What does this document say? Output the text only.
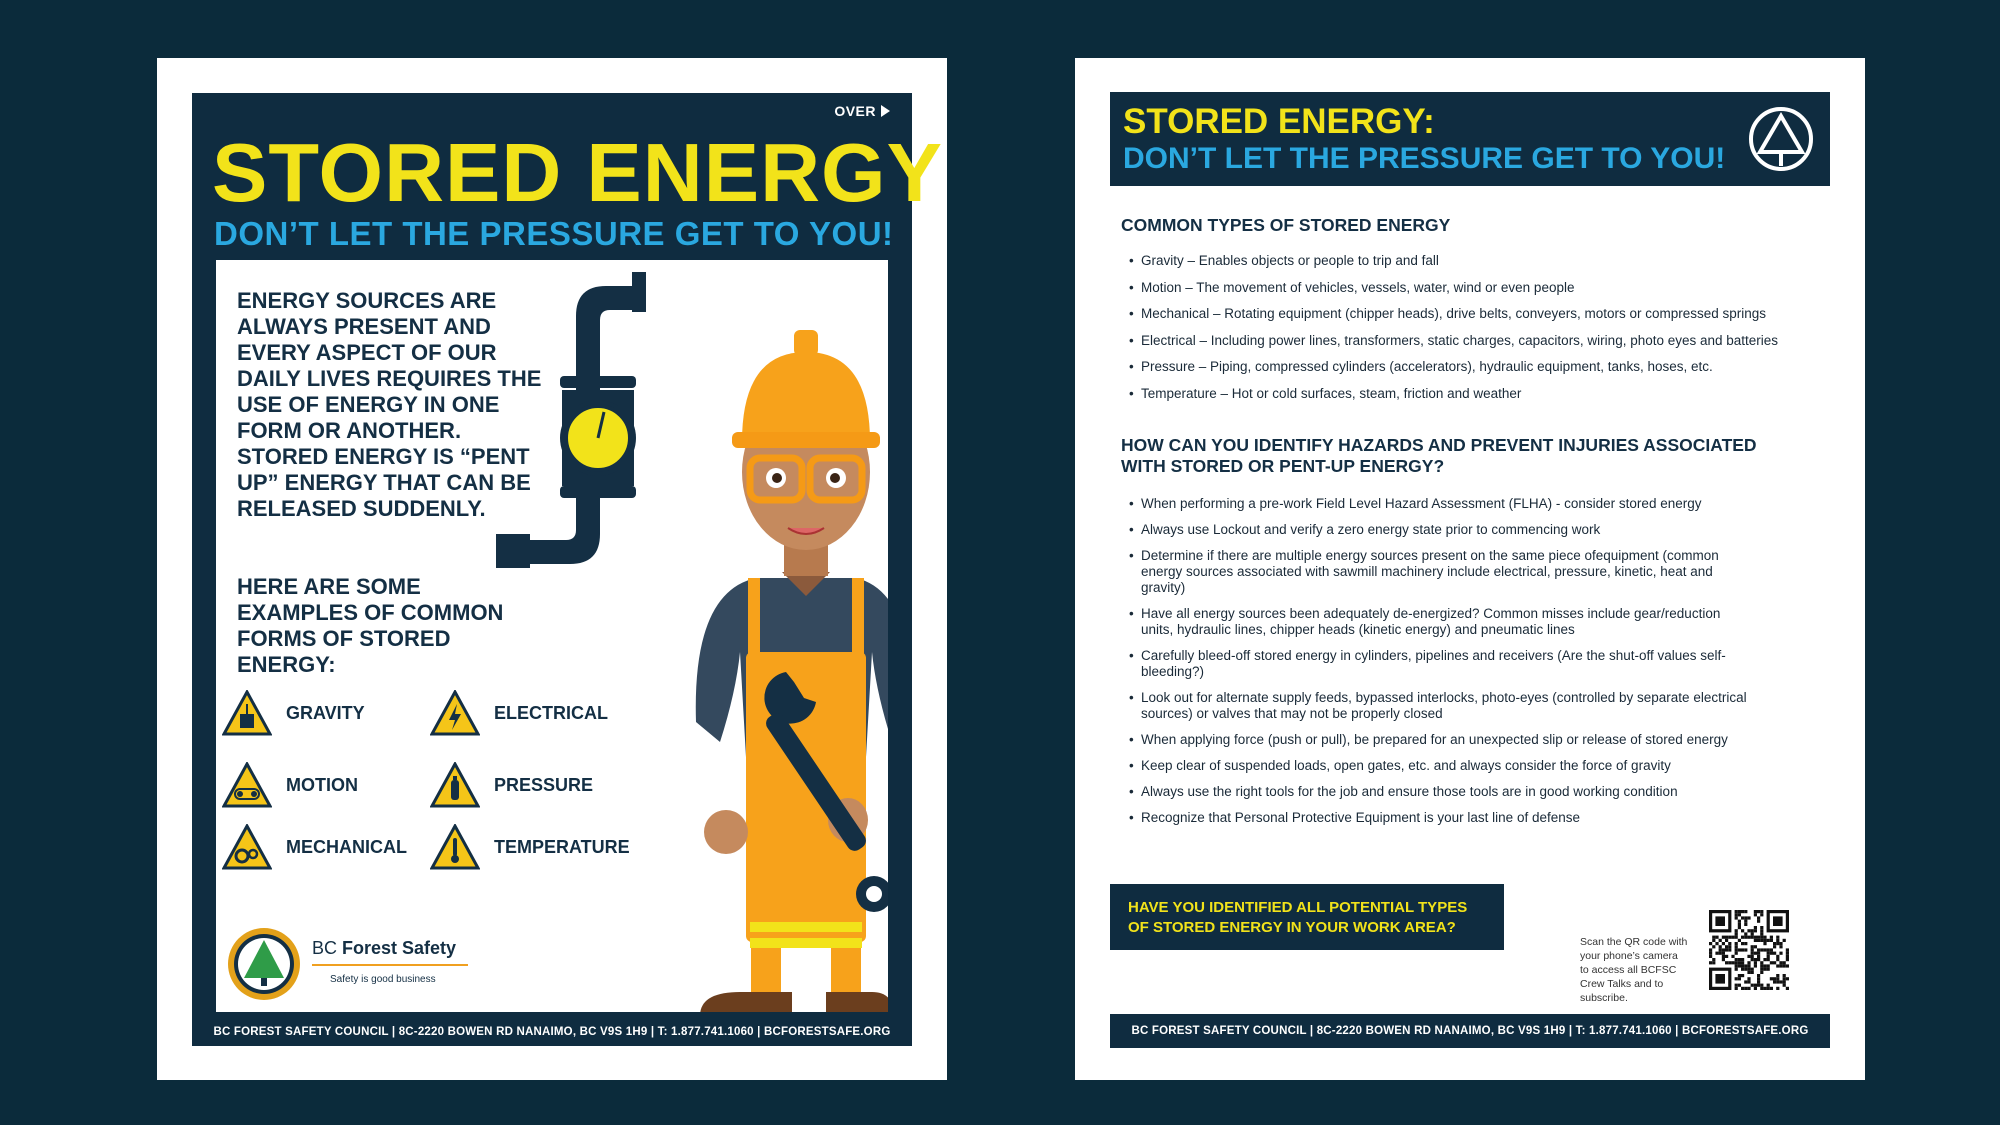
OVER
STORED ENERGY
DON’T LET THE PRESSURE GET TO YOU!

ENERGY SOURCES ARE ALWAYS PRESENT AND EVERY ASPECT OF OUR DAILY LIVES REQUIRES THE USE OF ENERGY IN ONE FORM OR ANOTHER. STORED ENERGY IS “PENT UP” ENERGY THAT CAN BE RELEASED SUDDENLY.

HERE ARE SOME EXAMPLES OF COMMON FORMS OF STORED ENERGY:

GRAVITY	ELECTRICAL
MOTION	PRESSURE
MECHANICAL	TEMPERATURE
BC Forest Safety
Safety is good business
BC FOREST SAFETY COUNCIL | 8C-2220 BOWEN RD NANAIMO, BC V9S 1H9 | T: 1.877.741.1060 | BCFORESTSAFE.ORG
STORED ENERGY:
DON’T LET THE PRESSURE GET TO YOU!

COMMON TYPES OF STORED ENERGY

• Gravity – Enables objects or people to trip and fall
• Motion – The movement of vehicles, vessels, water, wind or even people
• Mechanical – Rotating equipment (chipper heads), drive belts, conveyers, motors or compressed springs
• Electrical – Including power lines, transformers, static charges, capacitors, wiring, photo eyes and batteries
• Pressure – Piping, compressed cylinders (accelerators), hydraulic equipment, tanks, hoses, etc.
• Temperature – Hot or cold surfaces, steam, friction and weather

HOW CAN YOU IDENTIFY HAZARDS AND PREVENT INJURIES ASSOCIATED
WITH STORED OR PENT-UP ENERGY?

• When performing a pre-work Field Level Hazard Assessment (FLHA) - consider stored energy
• Always use Lockout and verify a zero energy state prior to commencing work
• Determine if there are multiple energy sources present on the same piece ofequipment (common energy sources associated with sawmill machinery include electrical, pressure, kinetic, heat and gravity)
• Have all energy sources been adequately de-energized? Common misses include gear/reduction units, hydraulic lines, chipper heads (kinetic energy) and pneumatic lines
• Carefully bleed-off stored energy in cylinders, pipelines and receivers (Are the shut-off values self-bleeding?)
• Look out for alternate supply feeds, bypassed interlocks, photo-eyes (controlled by separate electrical sources) or valves that may not be properly closed
• When applying force (push or pull), be prepared for an unexpected slip or release of stored energy
• Keep clear of suspended loads, open gates, etc. and always consider the force of gravity
• Always use the right tools for the job and ensure those tools are in good working condition
• Recognize that Personal Protective Equipment is your last line of defense

HAVE YOU IDENTIFIED ALL POTENTIAL TYPES
OF STORED ENERGY IN YOUR WORK AREA?

Scan the QR code with your phone’s camera to access all BCFSC Crew Talks and to subscribe.
BC FOREST SAFETY COUNCIL | 8C-2220 BOWEN RD NANAIMO, BC V9S 1H9 | T: 1.877.741.1060 | BCFORESTSAFE.ORG
